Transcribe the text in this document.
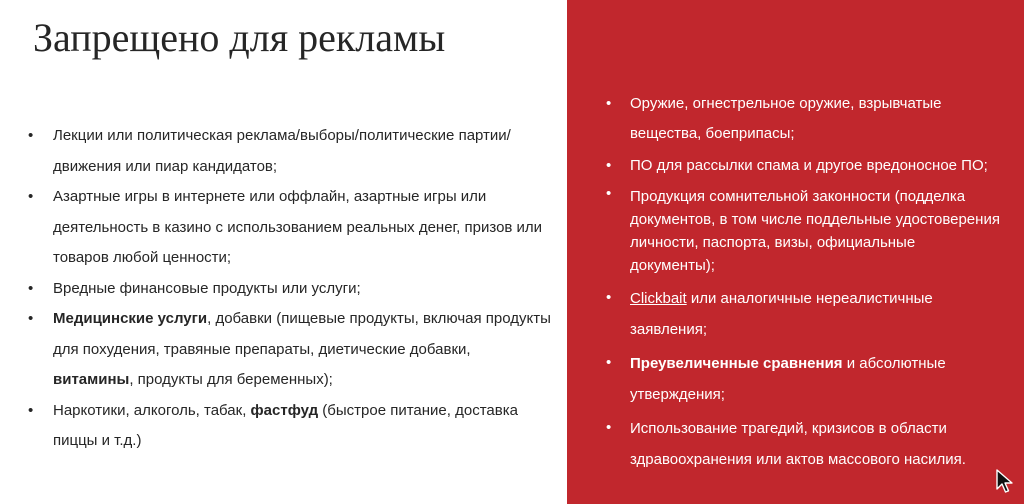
Запрещено для рекламы
• Лекции или политическая реклама/выборы/политические партии/движения или пиар кандидатов;
• Азартные игры в интернете или оффлайн, азартные игры или деятельность в казино с использованием реальных денег, призов или товаров любой ценности;
• Вредные финансовые продукты или услуги;
• Медицинские услуги, добавки (пищевые продукты, включая продукты для похудения, травяные препараты, диетические добавки, витамины, продукты для беременных);
• Наркотики, алкоголь, табак, фастфуд (быстрое питание, доставка пиццы и т.д.)
• Оружие, огнестрельное оружие, взрывчатые вещества, боеприпасы;
• ПО для рассылки спама и другое вредоносное ПО;
• Продукция сомнительной законности (подделка документов, в том числе поддельные удостоверения личности, паспорта, визы, официальные документы);
• Clickbait или аналогичные нереалистичные заявления;
• Преувеличенные сравнения и абсолютные утверждения;
• Использование трагедий, кризисов в области здравоохранения или актов массового насилия.
